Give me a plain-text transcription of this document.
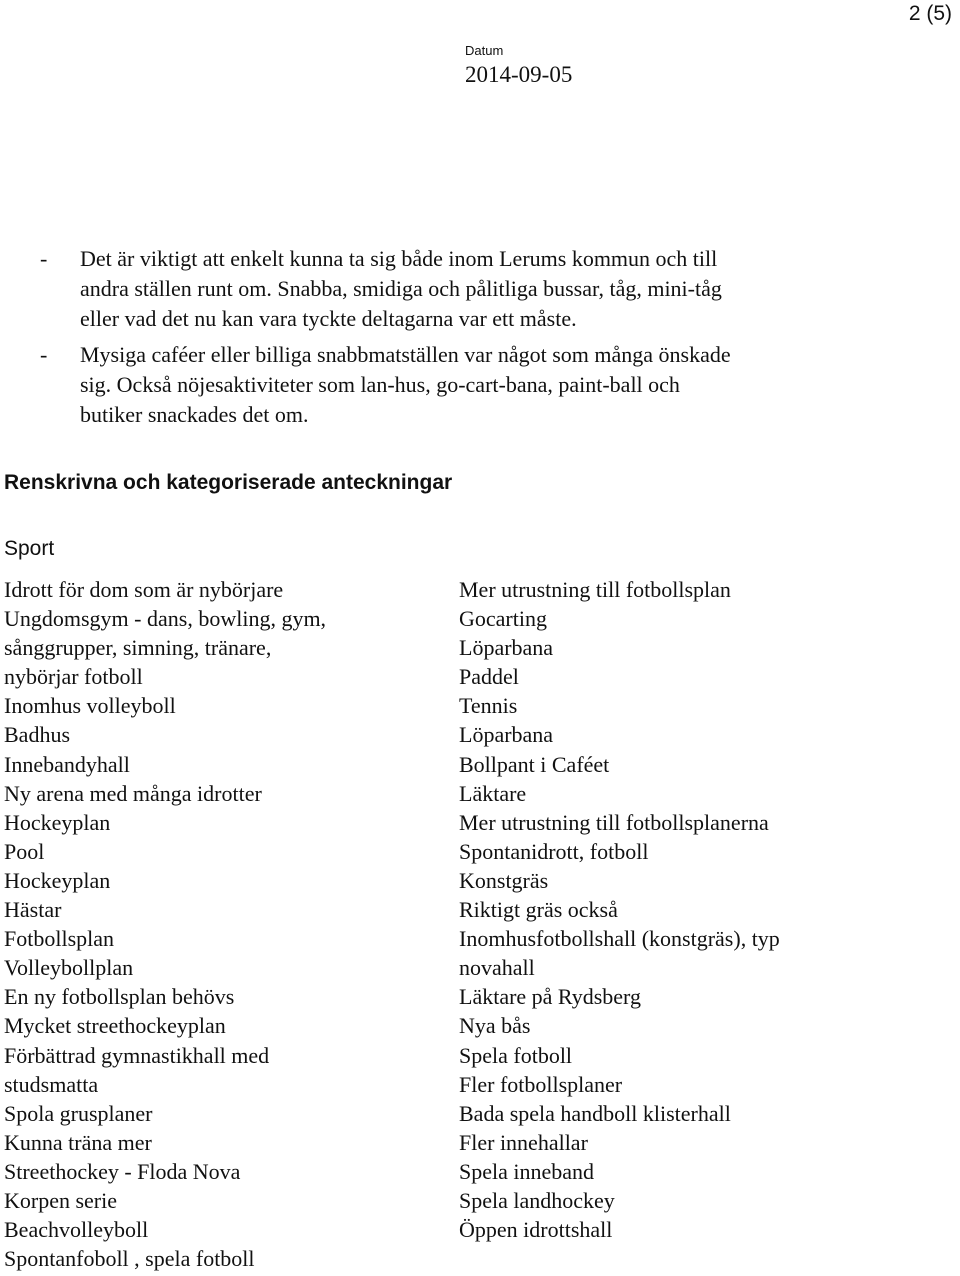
2 (5)
Datum
2014-09-05
- Det är viktigt att enkelt kunna ta sig både inom Lerums kommun och till
andra ställen runt om. Snabba, smidiga och pålitliga bussar, tåg, mini-tåg
eller vad det nu kan vara tyckte deltagarna var ett måste.
- Mysiga caféer eller billiga snabbmatställen var något som många önskade
sig. Också nöjesaktiviteter som lan-hus, go-cart-bana, paint-ball och
butiker snackades det om.
Renskrivna och kategoriserade anteckningar
Sport
Idrott för dom som är nybörjare
Ungdomsgym - dans, bowling, gym,
sånggrupper, simning, tränare,
nybörjar fotboll
Inomhus volleyboll
Badhus
Innebandyhall
Ny arena med många idrotter
Hockeyplan
Pool
Hockeyplan
Hästar
Fotbollsplan
Volleybollplan
En ny fotbollsplan behövs
Mycket streethockeyplan
Förbättrad gymnastikhall med
studsmatta
Spola grusplaner
Kunna träna mer
Streethockey - Floda Nova
Korpen serie
Beachvolleyboll
Spontanfoboll , spela fotboll
Mer utrustning till fotbollsplan
Gocarting
Löparbana
Paddel
Tennis
Löparbana
Bollpant i Caféet
Läktare
Mer utrustning till fotbollsplanerna
Spontanidrott, fotboll
Konstgräs
Riktigt gräs också
Inomhusfotbollshall (konstgräs), typ
novahall
Läktare på Rydsberg
Nya bås
Spela fotboll
Fler fotbollsplaner
Bada spela handboll klisterhall
Fler innehallar
Spela inneband
Spela landhockey
Öppen idrottshall
